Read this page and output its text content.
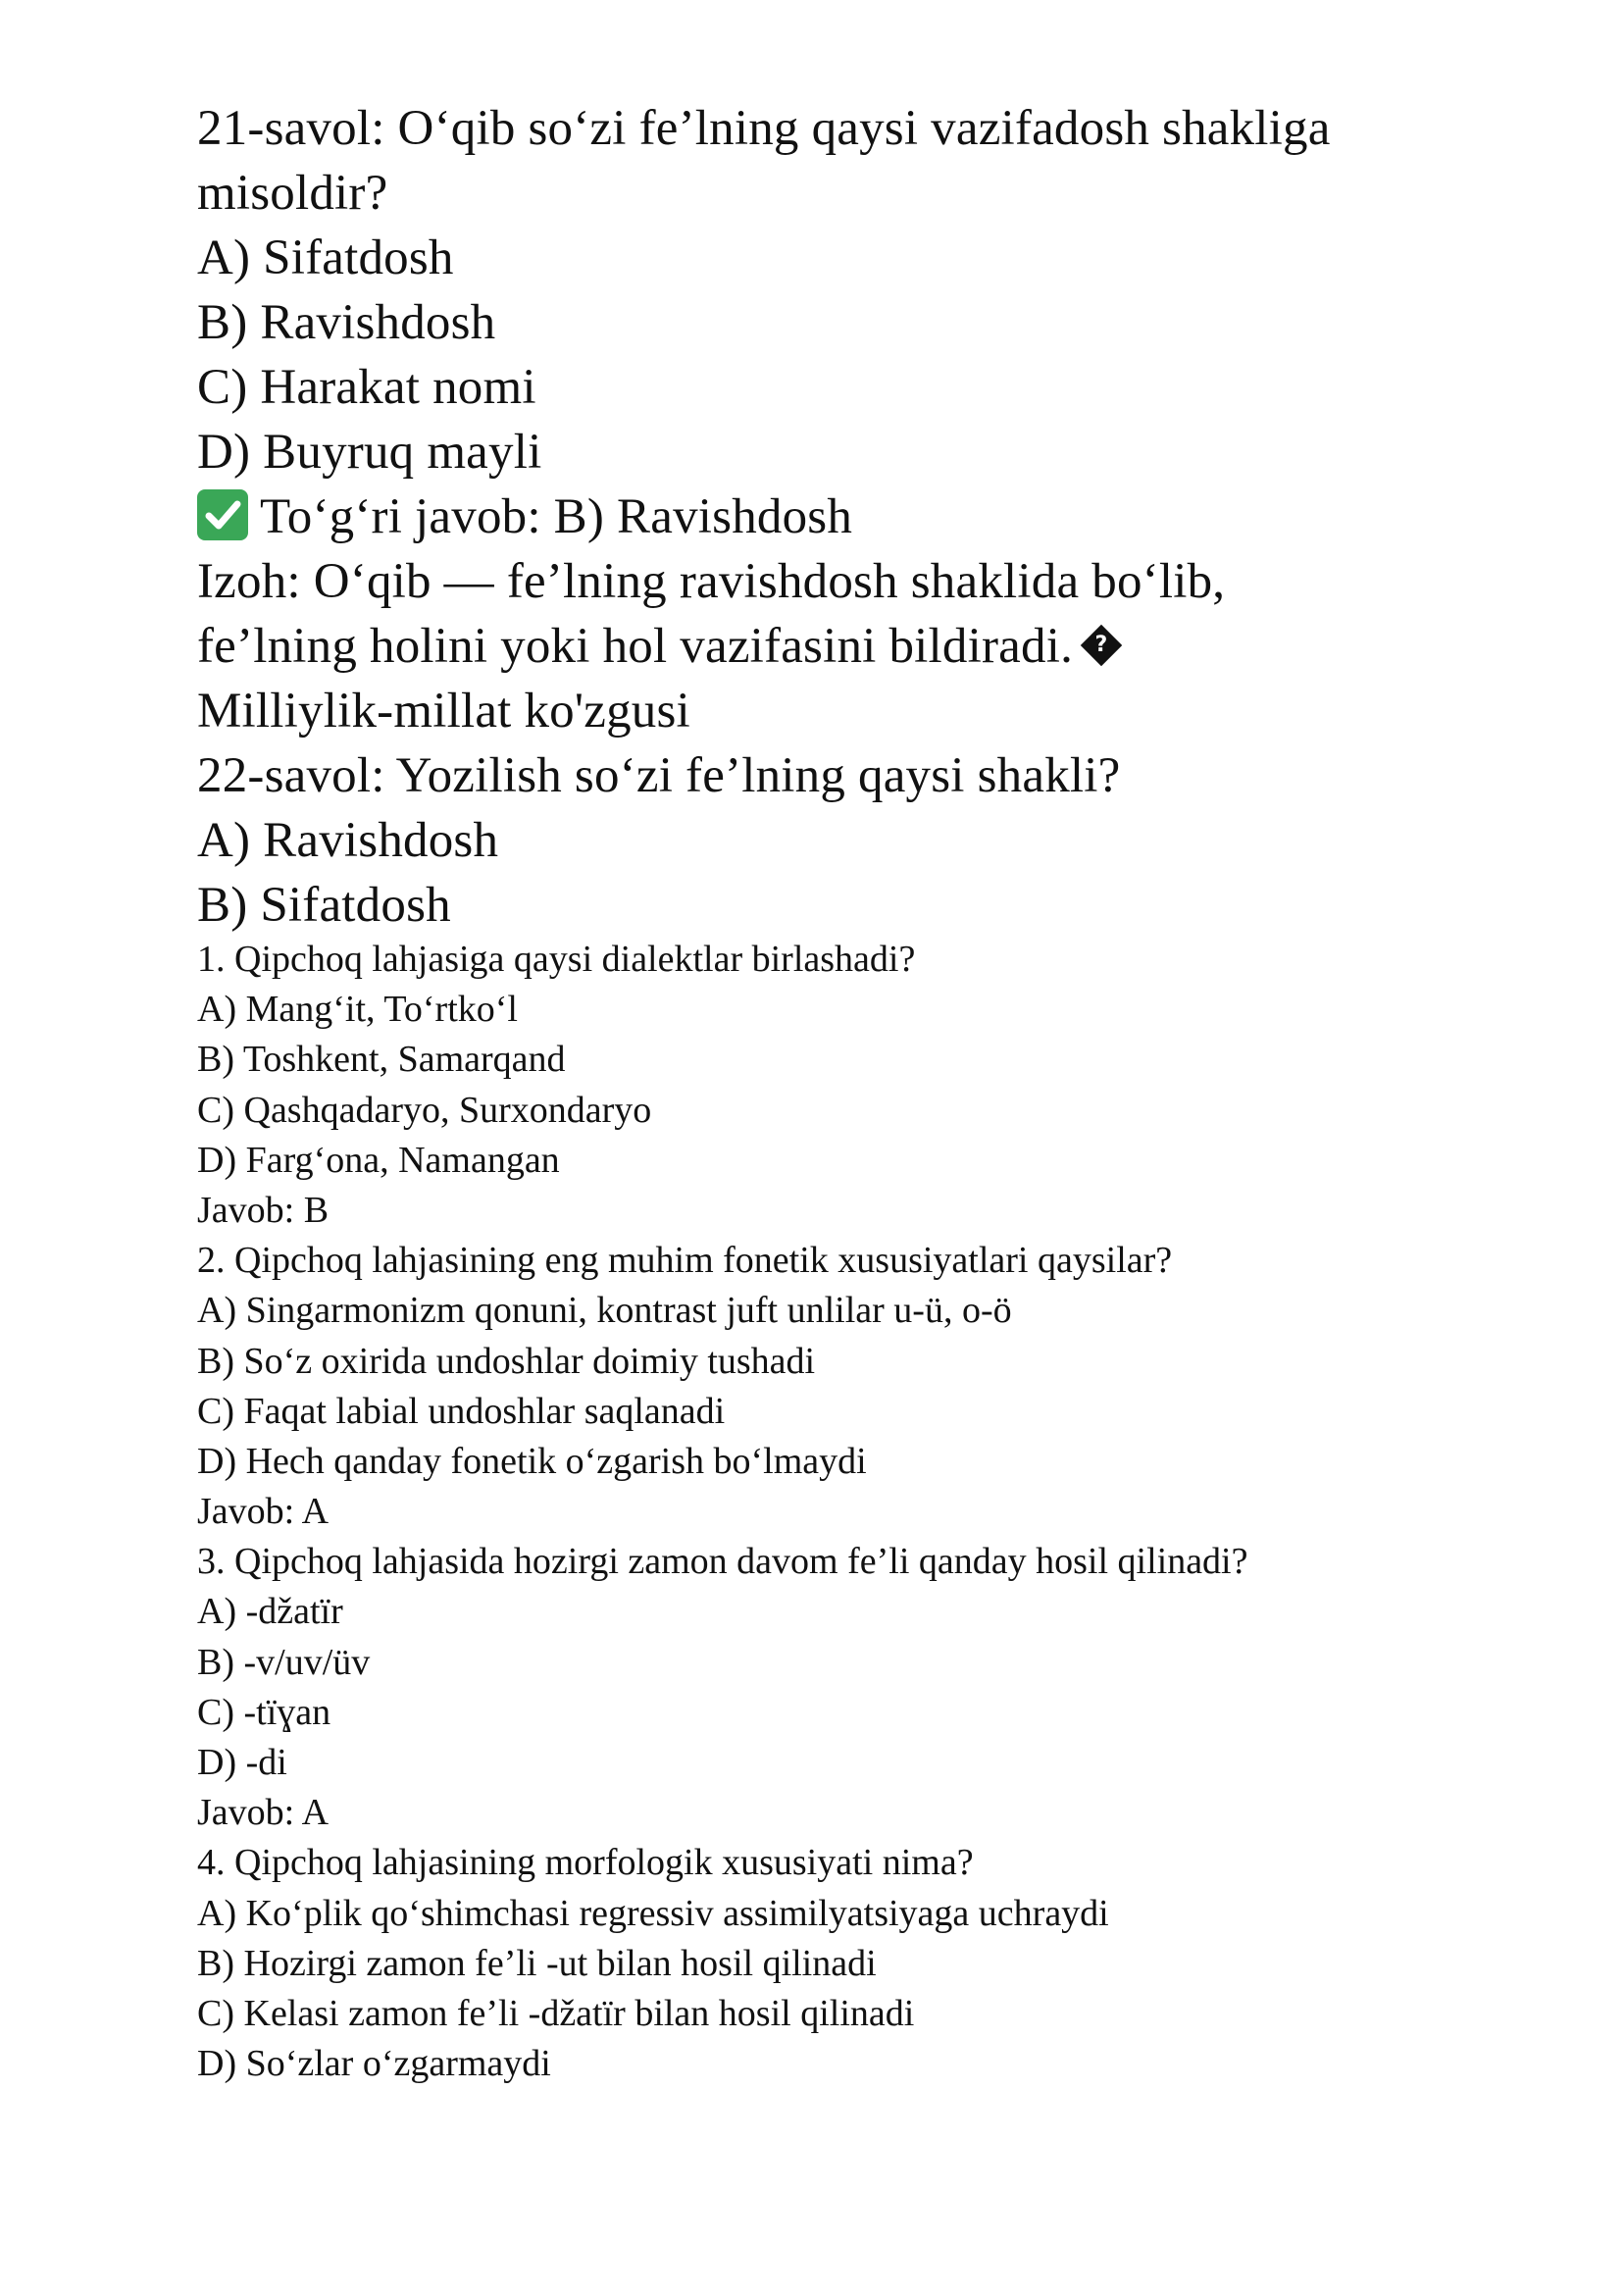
21-savol: O‘qib so‘zi fe’lning qaysi vazifadosh shakliga
misoldir?
A) Sifatdosh
B) Ravishdosh
C) Harakat nomi
D) Buyruq mayli
To‘g‘ri javob: B) Ravishdosh
Izoh: O‘qib — fe’lning ravishdosh shaklida bo‘lib,
fe’lning holini yoki hol vazifasini bildiradi.	?
Milliylik-millat ko'zgusi
22-savol: Yozilish so‘zi fe’lning qaysi shakli?
A) Ravishdosh
B) Sifatdosh
1. Qipchoq lahjasiga qaysi dialektlar birlashadi?
A) Mang‘it, To‘rtko‘l
B) Toshkent, Samarqand
C) Qashqadaryo, Surxondaryo
D) Farg‘ona, Namangan
Javob: B
2. Qipchoq lahjasining eng muhim fonetik xususiyatlari qaysilar?
A) Singarmonizm qonuni, kontrast juft unlilar u-ü, o-ö
B) So‘z oxirida undoshlar doimiy tushadi
C) Faqat labial undoshlar saqlanadi
D) Hech qanday fonetik o‘zgarish bo‘lmaydi
Javob: A
3. Qipchoq lahjasida hozirgi zamon davom fe’li qanday hosil qilinadi?
A) -džatïr
B) -v/uv/üv
C) -tïɣan
D) -di
Javob: A
4. Qipchoq lahjasining morfologik xususiyati nima?
A) Ko‘plik qo‘shimchasi regressiv assimilyatsiyaga uchraydi
B) Hozirgi zamon fe’li -ut bilan hosil qilinadi
C) Kelasi zamon fe’li -džatïr bilan hosil qilinadi
D) So‘zlar o‘zgarmaydi
